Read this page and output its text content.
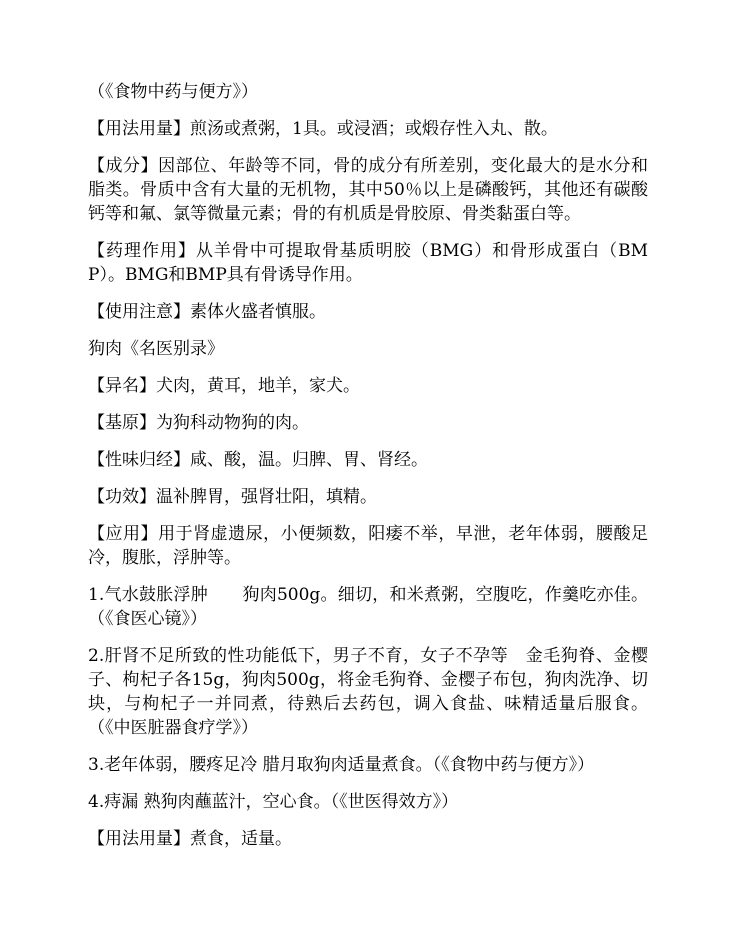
（《食物中药与便方》）

【用法用量】煎汤或煮粥，1具。或浸酒；或煅存性入丸、散。

【成分】因部位、年龄等不同，骨的成分有所差别，变化最大的是水分和脂类。骨质中含有大量的无机物，其中50％以上是磷酸钙，其他还有碳酸钙等和氟、氯等微量元素；骨的有机质是骨胶原、骨类黏蛋白等。

【药理作用】从羊骨中可提取骨基质明胶（BMG）和骨形成蛋白（BMP）。BMG和BMP具有骨诱导作用。

【使用注意】素体火盛者慎服。

狗肉《名医别录》

【异名】犬肉，黄耳，地羊，家犬。

【基原】为狗科动物狗的肉。

【性味归经】咸、酸，温。归脾、胃、肾经。

【功效】温补脾胃，强肾壮阳，填精。

【应用】用于肾虚遗尿，小便频数，阳痿不举，早泄，老年体弱，腰酸足冷，腹胀，浮肿等。

1.气水鼓胀浮肿　　狗肉500g。细切，和米煮粥，空腹吃，作羹吃亦佳。（《食医心镜》）

2.肝肾不足所致的性功能低下，男子不育，女子不孕等　金毛狗脊、金樱子、枸杞子各15g，狗肉500g，将金毛狗脊、金樱子布包，狗肉洗净、切块，与枸杞子一并同煮，待熟后去药包，调入食盐、味精适量后服食。（《中医脏器食疗学》）

3.老年体弱，腰疼足冷 腊月取狗肉适量煮食。（《食物中药与便方》）

4.痔漏 熟狗肉蘸蓝汁，空心食。（《世医得效方》）

【用法用量】煮食，适量。
